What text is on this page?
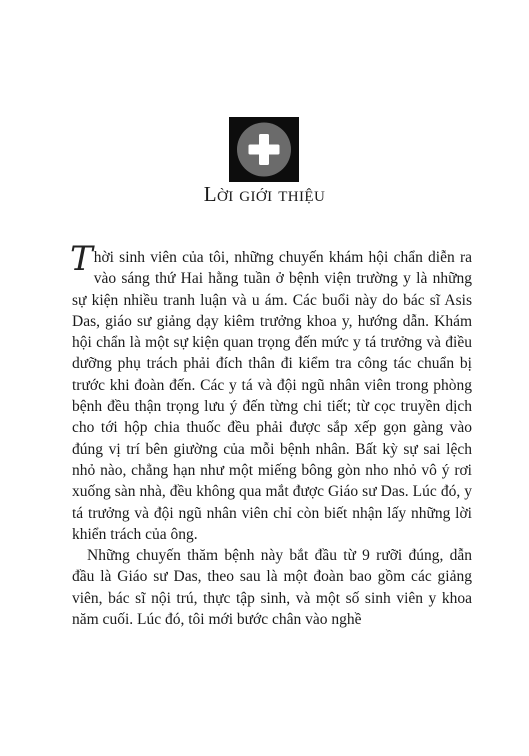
Lời giới thiệu

Thời sinh viên của tôi, những chuyến khám hội chẩn diễn ra vào sáng thứ Hai hằng tuần ở bệnh viện trường y là những sự kiện nhiều tranh luận và u ám. Các buổi này do bác sĩ Asis Das, giáo sư giảng dạy kiêm trưởng khoa y, hướng dẫn. Khám hội chẩn là một sự kiện quan trọng đến mức y tá trưởng và điều dưỡng phụ trách phải đích thân đi kiểm tra công tác chuẩn bị trước khi đoàn đến. Các y tá và đội ngũ nhân viên trong phòng bệnh đều thận trọng lưu ý đến từng chi tiết; từ cọc truyền dịch cho tới hộp chia thuốc đều phải được sắp xếp gọn gàng vào đúng vị trí bên giường của mỗi bệnh nhân. Bất kỳ sự sai lệch nhỏ nào, chẳng hạn như một miếng bông gòn nho nhỏ vô ý rơi xuống sàn nhà, đều không qua mắt được Giáo sư Das. Lúc đó, y tá trưởng và đội ngũ nhân viên chỉ còn biết nhận lấy những lời khiển trách của ông.

Những chuyến thăm bệnh này bắt đầu từ 9 rưỡi đúng, dẫn đầu là Giáo sư Das, theo sau là một đoàn bao gồm các giảng viên, bác sĩ nội trú, thực tập sinh, và một số sinh viên y khoa năm cuối. Lúc đó, tôi mới bước chân vào nghề
